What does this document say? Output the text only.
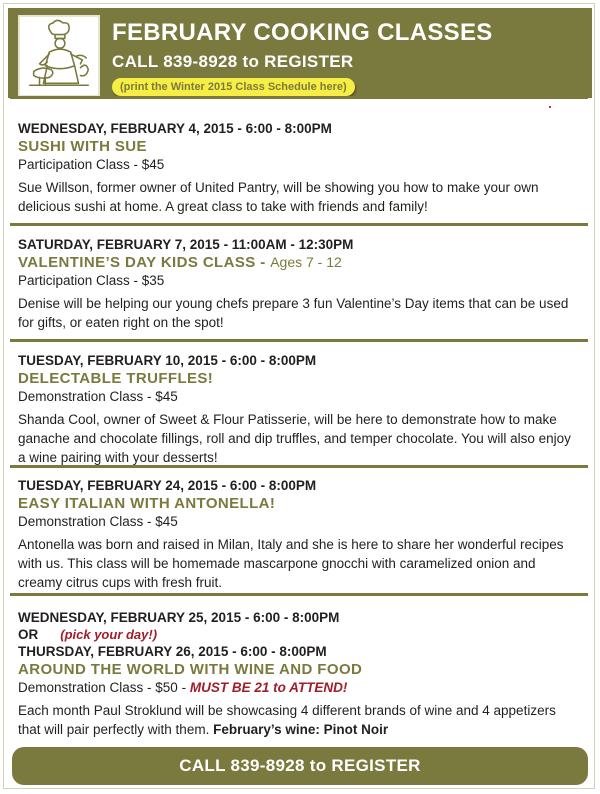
FEBRUARY COOKING CLASSES
CALL 839-8928 to REGISTER
(print the Winter 2015 Class Schedule here)
WEDNESDAY, FEBRUARY 4, 2015 - 6:00 - 8:00PM
SUSHI WITH SUE
Participation Class - $45
Sue Willson, former owner of United Pantry, will be showing you how to make your own delicious sushi at home. A great class to take with friends and family!
SATURDAY, FEBRUARY 7, 2015 - 11:00AM - 12:30PM
VALENTINE’S DAY KIDS CLASS - Ages 7 - 12
Participation Class - $35
Denise will be helping our young chefs prepare 3 fun Valentine’s Day items that can be used for gifts, or eaten right on the spot!
TUESDAY, FEBRUARY 10, 2015 - 6:00 - 8:00PM
DELECTABLE TRUFFLES!
Demonstration Class - $45
Shanda Cool, owner of Sweet & Flour Patisserie, will be here to demonstrate how to make ganache and chocolate fillings, roll and dip truffles, and temper chocolate. You will also enjoy a wine pairing with your desserts!
TUESDAY, FEBRUARY 24, 2015 - 6:00 - 8:00PM
EASY ITALIAN WITH ANTONELLA!
Demonstration Class - $45
Antonella was born and raised in Milan, Italy and she is here to share her wonderful recipes with us. This class will be homemade mascarpone gnocchi with caramelized onion and creamy citrus cups with fresh fruit.
WEDNESDAY, FEBRUARY 25, 2015 - 6:00 - 8:00PM
OR (pick your day!)
THURSDAY, FEBRUARY 26, 2015 - 6:00 - 8:00PM
AROUND THE WORLD WITH WINE AND FOOD
Demonstration Class - $50 - MUST BE 21 to ATTEND!
Each month Paul Stroklund will be showcasing 4 different brands of wine and 4 appetizers that will pair perfectly with them. February’s wine: Pinot Noir
CALL 839-8928 to REGISTER
